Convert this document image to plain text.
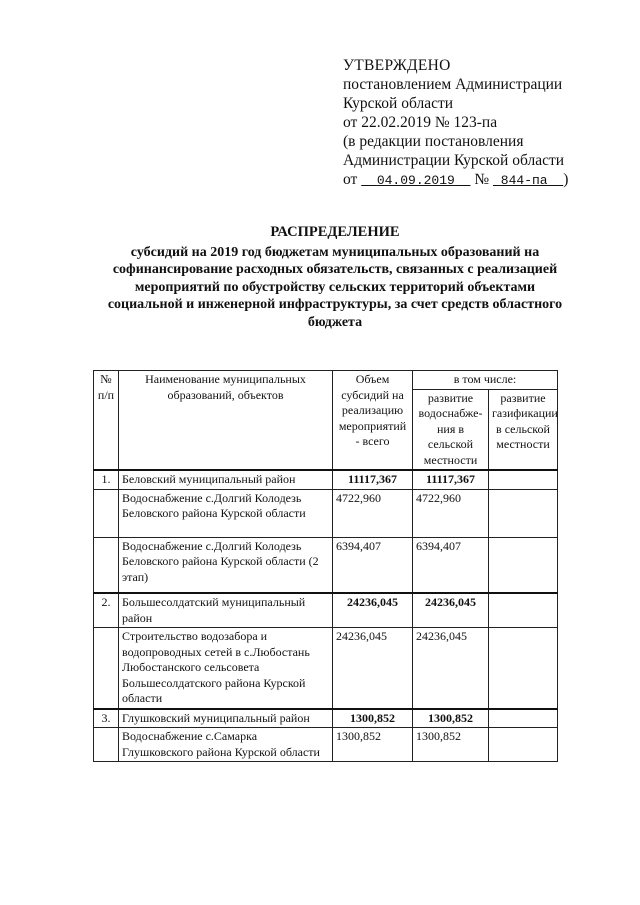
УТВЕРЖДЕНО
постановлением Администрации
Курской области
от 22.02.2019 № 123-па
(в редакции постановления
Администрации Курской области
от 04.09.2019 № 844-па )
РАСПРЕДЕЛЕНИЕ
субсидий на 2019 год бюджетам муниципальных образований на
софинансирование расходных обязательств, связанных с реализацией
мероприятий по обустройству сельских территорий объектами
социальной и инженерной инфраструктуры, за счет средств областного
бюджета
№ п/п	Наименование муниципальных образований, объектов	Объем субсидий на реализацию мероприятий - всего	в том числе:	
			развитие водоснабже-ния в сельской местности	развитие газификации в сельской местности
1.	Беловский муниципальный район	11117,367	11117,367	
	Водоснабжение с.Долгий Колодезь Беловского района Курской области	4722,960	4722,960	
	Водоснабжение с.Долгий Колодезь Беловского района Курской области (2 этап)	6394,407	6394,407	
2.	Большесолдатский муниципальный район	24236,045	24236,045	
	Строительство водозабора и водопроводных сетей в с.Любостань Любостанского сельсовета Большесолдатского района Курской области	24236,045	24236,045	
3.	Глушковский муниципальный район	1300,852	1300,852	
	Водоснабжение с.Самарка Глушковского района Курской области	1300,852	1300,852	
